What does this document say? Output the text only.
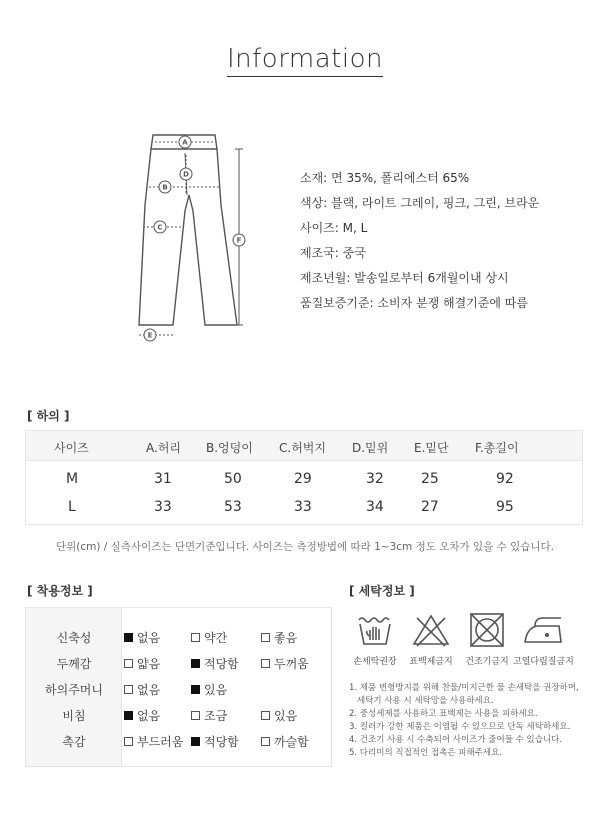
Information
A
D
B
C
F
E
소재: 면 35%, 폴리에스터 65%
색상: 블랙, 라이트 그레이, 핑크, 그린, 브라운
사이즈: M, L
제조국: 중국
제조년월: 발송일로부터 6개월이내 상시
품질보증기준: 소비자 분쟁 해결기준에 따름
[ 하의 ]
사이즈	A.허리 B.엉덩이 C.허벅지 D.밑위 E.밑단 F.총길이
M	31	50	29	32	25	92
L	33	53	33	34	27	95
단위(cm) / 실측사이즈는 단면기준입니다. 사이즈는 측정방법에 따라 1~3cm 정도 오차가 있을 수 있습니다.
[ 착용정보 ]
신축성	없음	약간	좋음
두께감	얇음	적당함	두꺼움
하의주머니	없음	있음
비침	없음	조금	있음
촉감	부드러움 적당함	까슬함
[ 세탁정보 ]
손세탁권장	표백제금지	건조기금지 고열다림질금지
1. 제품 변형방지를 위해 찬물/미지근한 물 손세탁을 권장하며,
세탁기 사용 시 세탁망을 사용하세요.
2. 중성세제를 사용하고 표백제는 사용을 피하세요.
3. 컬러가 강한 제품은 이염될 수 있으므로 단독 세탁하세요.
4. 건조기 사용 시 수축되어 사이즈가 줄어들 수 있습니다.
5. 다리미의 직접적인 접촉은 피해주세요.
